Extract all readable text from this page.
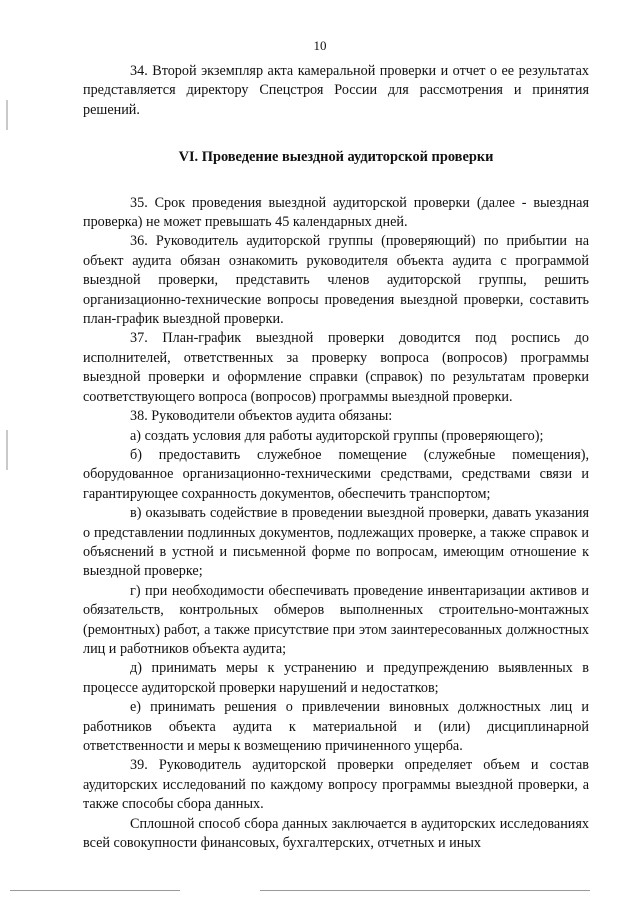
10

34. Второй экземпляр акта камеральной проверки и отчет о ее результатах представляется директору Спецстроя России для рассмотрения и принятия решений.

VI. Проведение выездной аудиторской проверки

35. Срок проведения выездной аудиторской проверки (далее - выездная проверка) не может превышать 45 календарных дней.

36. Руководитель аудиторской группы (проверяющий) по прибытии на объект аудита обязан ознакомить руководителя объекта аудита с программой выездной проверки, представить членов аудиторской группы, решить организационно-технические вопросы проведения выездной проверки, составить план-график выездной проверки.

37. План-график выездной проверки доводится под роспись до исполнителей, ответственных за проверку вопроса (вопросов) программы выездной проверки и оформление справки (справок) по результатам проверки соответствующего вопроса (вопросов) программы выездной проверки.

38. Руководители объектов аудита обязаны:

а) создать условия для работы аудиторской группы (проверяющего);

б) предоставить служебное помещение (служебные помещения), оборудованное организационно-техническими средствами, средствами связи и гарантирующее сохранность документов, обеспечить транспортом;

в) оказывать содействие в проведении выездной проверки, давать указания о представлении подлинных документов, подлежащих проверке, а также справок и объяснений в устной и письменной форме по вопросам, имеющим отношение к выездной проверке;

г) при необходимости обеспечивать проведение инвентаризации активов и обязательств, контрольных обмеров выполненных строительно-монтажных (ремонтных) работ, а также присутствие при этом заинтересованных должностных лиц и работников объекта аудита;

д) принимать меры к устранению и предупреждению выявленных в процессе аудиторской проверки нарушений и недостатков;

е) принимать решения о привлечении виновных должностных лиц и работников объекта аудита к материальной и (или) дисциплинарной ответственности и меры к возмещению причиненного ущерба.

39. Руководитель аудиторской проверки определяет объем и состав аудиторских исследований по каждому вопросу программы выездной проверки, а также способы сбора данных.

Сплошной способ сбора данных заключается в аудиторских исследованиях всей совокупности финансовых, бухгалтерских, отчетных и иных
